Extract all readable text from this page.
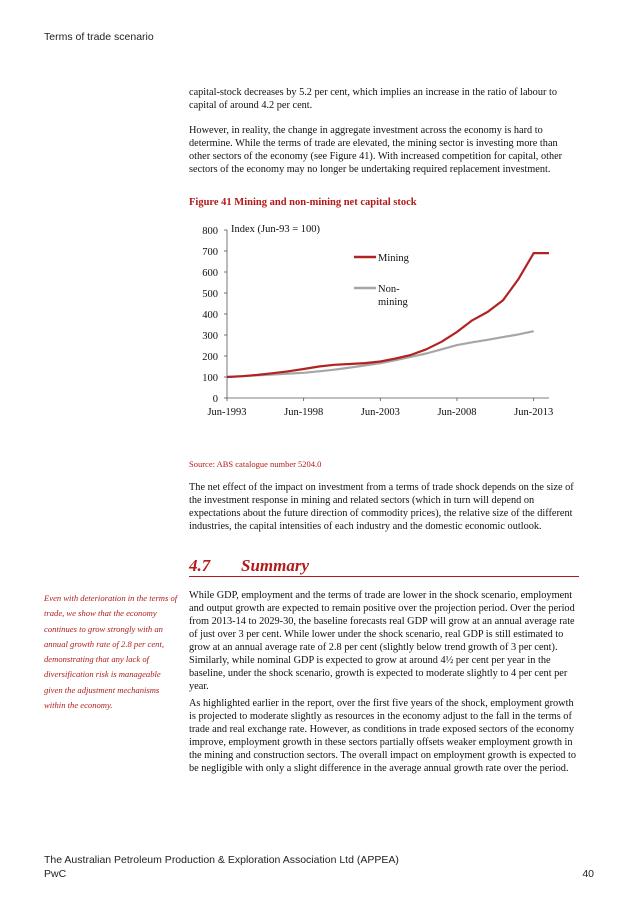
Terms of trade scenario

capital-stock decreases by 5.2 per cent, which implies an increase in the ratio of labour to capital of around 4.2 per cent.

However, in reality, the change in aggregate investment across the economy is hard to determine. While the terms of trade are elevated, the mining sector is investing more than other sectors of the economy (see Figure 41). With increased competition for capital, other sectors of the economy may no longer be undertaking required replacement investment.

Figure 41 Mining and non-mining net capital stock
0
100
200
300
400
500
600
700
800
Jun-1993	Jun-1998	Jun-2003	Jun-2008	Jun-2013
Index (Jun-93 = 100)
Mining
Non-mining
Source: ABS catalogue number 5204.0

The net effect of the impact on investment from a terms of trade shock depends on the size of the investment response in mining and related sectors (which in turn will depend on expectations about the future direction of commodity prices), the relative size of the different industries, the capital intensities of each industry and the domestic economic outlook.

4.7 Summary
Even with deterioration in the terms of trade, we show that the economy continues to grow strongly with an annual growth rate of 2.8 per cent, demonstrating that any lack of diversification risk is manageable given the adjustment mechanisms within the economy.

While GDP, employment and the terms of trade are lower in the shock scenario, employment and output growth are expected to remain positive over the projection period. Over the period from 2013-14 to 2029-30, the baseline forecasts real GDP will grow at an annual average rate of just over 3 per cent. While lower under the shock scenario, real GDP is still estimated to grow at an annual average rate of 2.8 per cent (slightly below trend growth of 3 per cent). Similarly, while nominal GDP is expected to grow at around 4½ per cent per year in the baseline, under the shock scenario, growth is expected to moderate slightly to 4 per cent per year.

As highlighted earlier in the report, over the first five years of the shock, employment growth is projected to moderate slightly as resources in the economy adjust to the fall in the terms of trade and real exchange rate. However, as conditions in trade exposed sectors of the economy improve, employment growth in these sectors partially offsets weaker employment growth in the mining and construction sectors. The overall impact on employment growth is expected to be negligible with only a slight difference in the average annual growth rate over the period.

The Australian Petroleum Production & Exploration Association Ltd (APPEA)
PwC	40
